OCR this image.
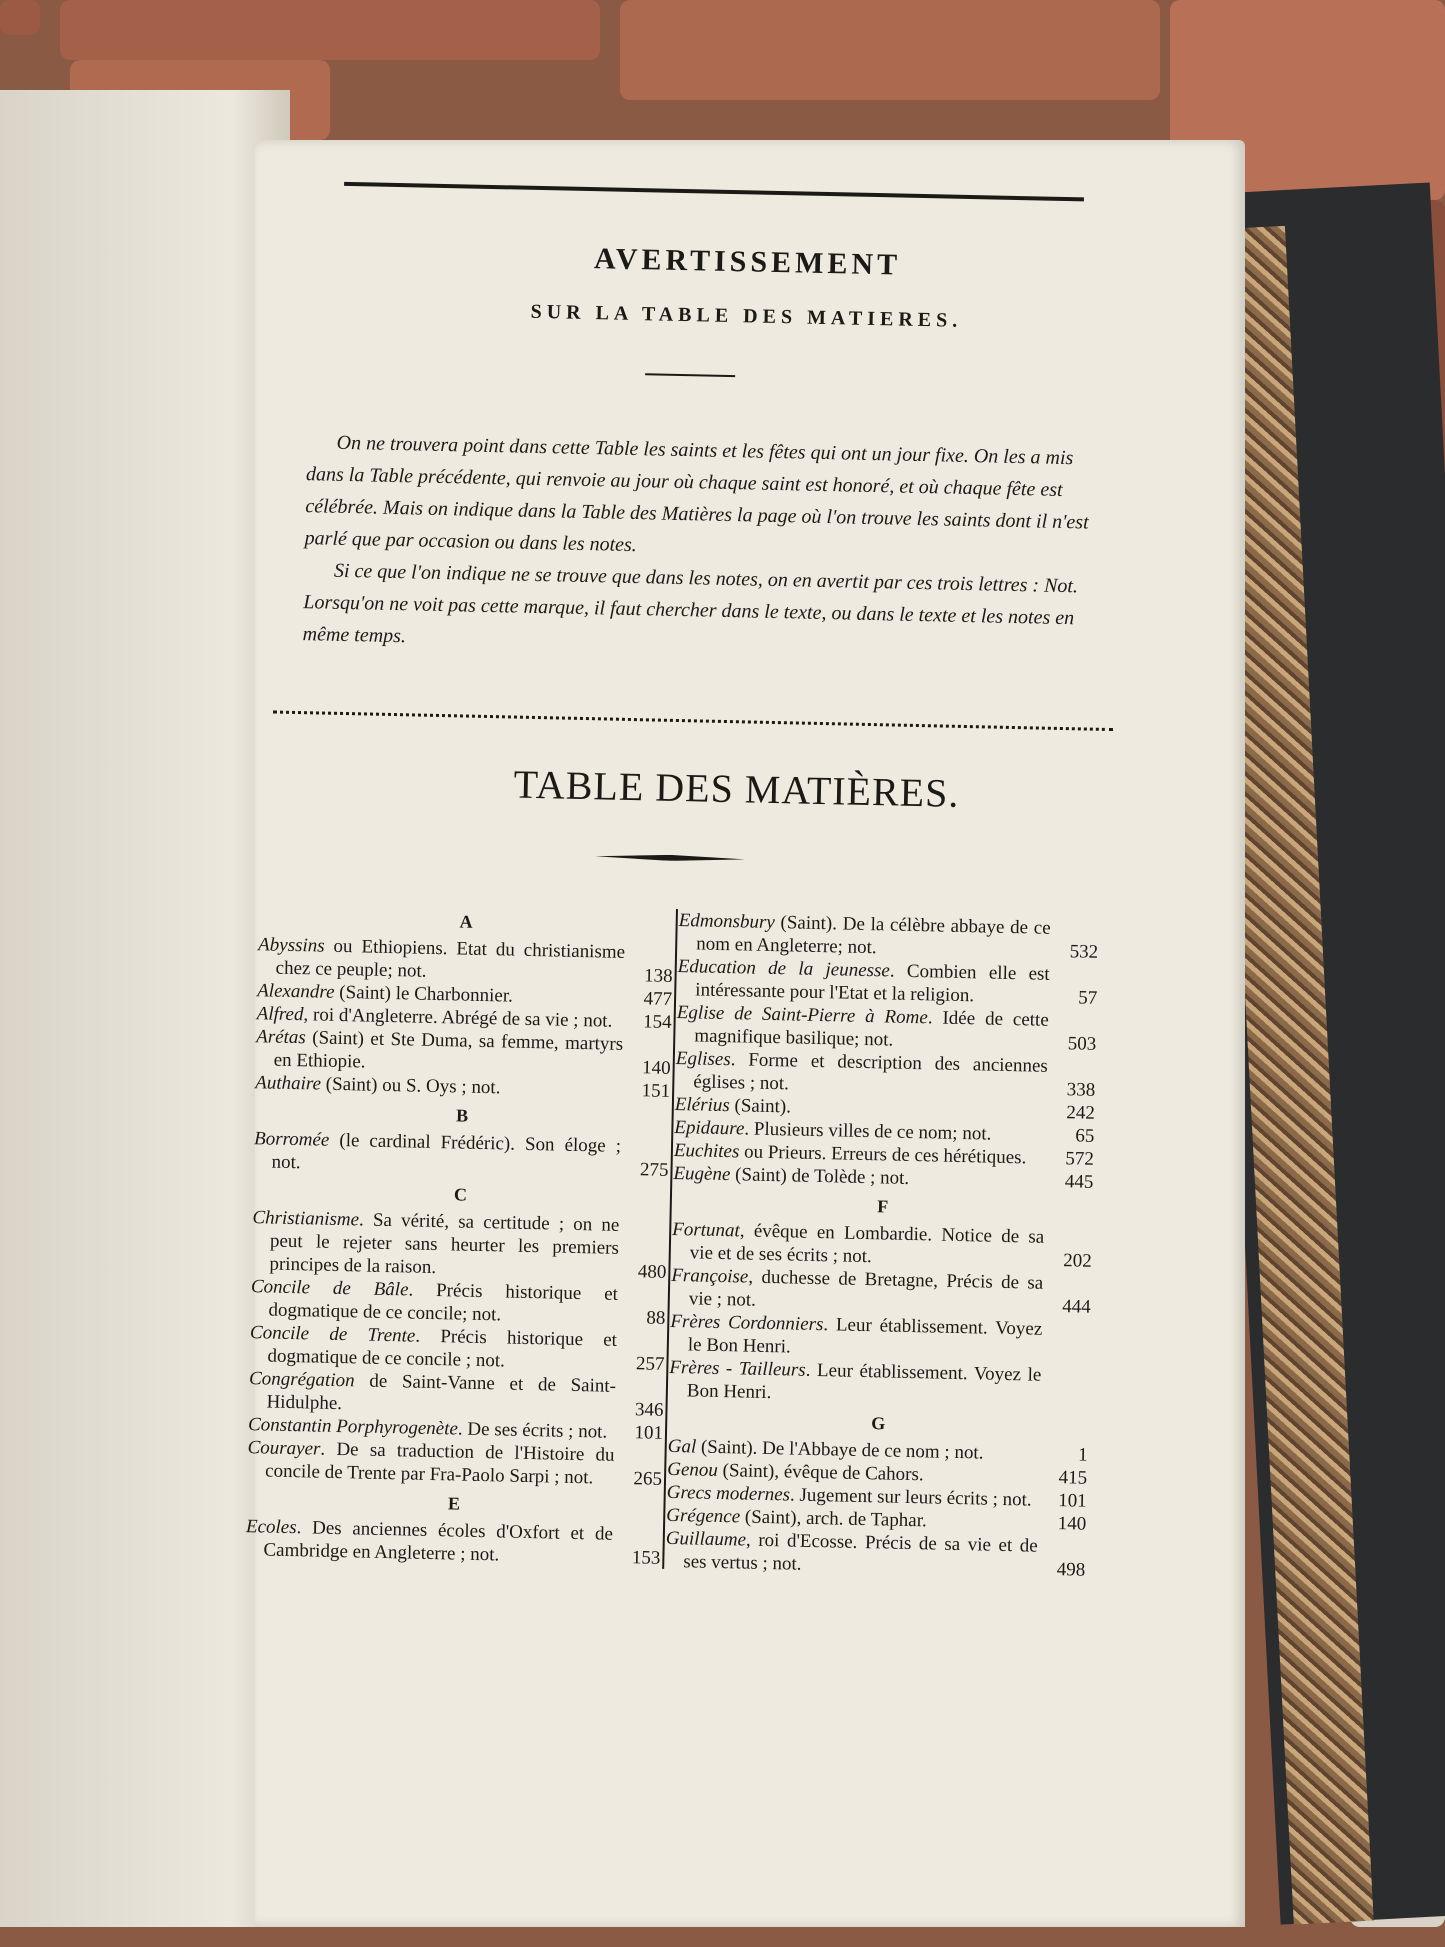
AVERTISSEMENT
SUR LA TABLE DES MATIERES.

On ne trouvera point dans cette Table les saints et les fêtes qui ont un jour fixe. On les a mis dans la Table précédente, qui renvoie au jour où chaque saint est honoré, et où chaque fête est célébrée. Mais on indique dans la Table des Matières la page où l'on trouve les saints dont il n'est parlé que par occasion ou dans les notes.

Si ce que l'on indique ne se trouve que dans les notes, on en avertit par ces trois lettres : Not. Lorsqu'on ne voit pas cette marque, il faut chercher dans le texte, ou dans le texte et les notes en même temps.

TABLE DES MATIÈRES.
A
Abyssins ou Ethiopiens. Etat du christianisme chez ce peuple; not.	138
Alexandre (Saint) le Charbonnier.	477
Alfred, roi d'Angleterre. Abrégé de sa vie ; not. 154
Arétas (Saint) et Ste Duma, sa femme, martyrs en Ethiopie.	140
Authaire (Saint) ou S. Oys ; not.	151
B
Borromée (le cardinal Frédéric). Son éloge ; not.	275
C
Christianisme. Sa vérité, sa certitude ; on ne peut le rejeter sans heurter les premiers principes de la raison.	480
Concile de Bâle. Précis historique et dogmatique de ce concile; not.	88
Concile de Trente. Précis historique et dogmatique de ce concile ; not.	257
Congrégation de Saint-Vanne et de Saint-Hidulphe.	346
Constantin Porphyrogenète. De ses écrits ; not. 101
Courayer. De sa traduction de l'Histoire du concile de Trente par Fra-Paolo Sarpi ; not. 265
E
Ecoles. Des anciennes écoles d'Oxfort et de Cambridge en Angleterre ; not.	153
Edmonsbury (Saint). De la célèbre abbaye de ce nom en Angleterre; not.	532
Education de la jeunesse. Combien elle est intéressante pour l'Etat et la religion.	57
Eglise de Saint-Pierre à Rome. Idée de cette magnifique basilique; not.	503
Eglises. Forme et description des anciennes églises ; not.	338
Elérius (Saint).	242
Epidaure. Plusieurs villes de ce nom; not.	65
Euchites ou Prieurs. Erreurs de ces hérétiques. 572
Eugène (Saint) de Tolède ; not.	445
F
Fortunat, évêque en Lombardie. Notice de sa vie et de ses écrits ; not.	202
Françoise, duchesse de Bretagne, Précis de sa vie ; not.	444
Frères Cordonniers. Leur établissement. Voyez le Bon Henri.
Frères - Tailleurs. Leur établissement. Voyez le Bon Henri.
G
Gal (Saint). De l'Abbaye de ce nom ; not.	1
Genou (Saint), évêque de Cahors.	415
Grecs modernes. Jugement sur leurs écrits ; not. 101
Grégence (Saint), arch. de Taphar.	140
Guillaume, roi d'Ecosse. Précis de sa vie et de ses vertus ; not.	498
